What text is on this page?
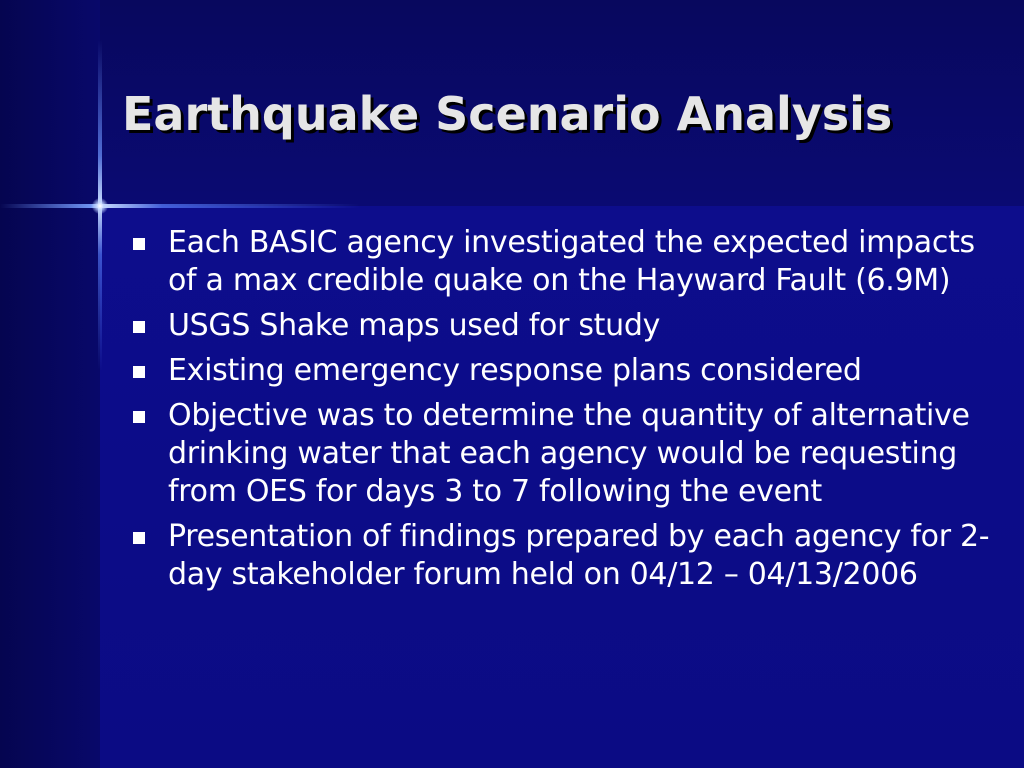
Earthquake Scenario Analysis
Each BASIC agency investigated the expected impacts of a max credible quake on the Hayward Fault (6.9M)
USGS Shake maps used for study
Existing emergency response plans considered
Objective was to determine the quantity of alternative drinking water that each agency would be requesting from OES for days 3 to 7 following the event
Presentation of findings prepared by each agency for 2-day stakeholder forum held on 04/12 – 04/13/2006
